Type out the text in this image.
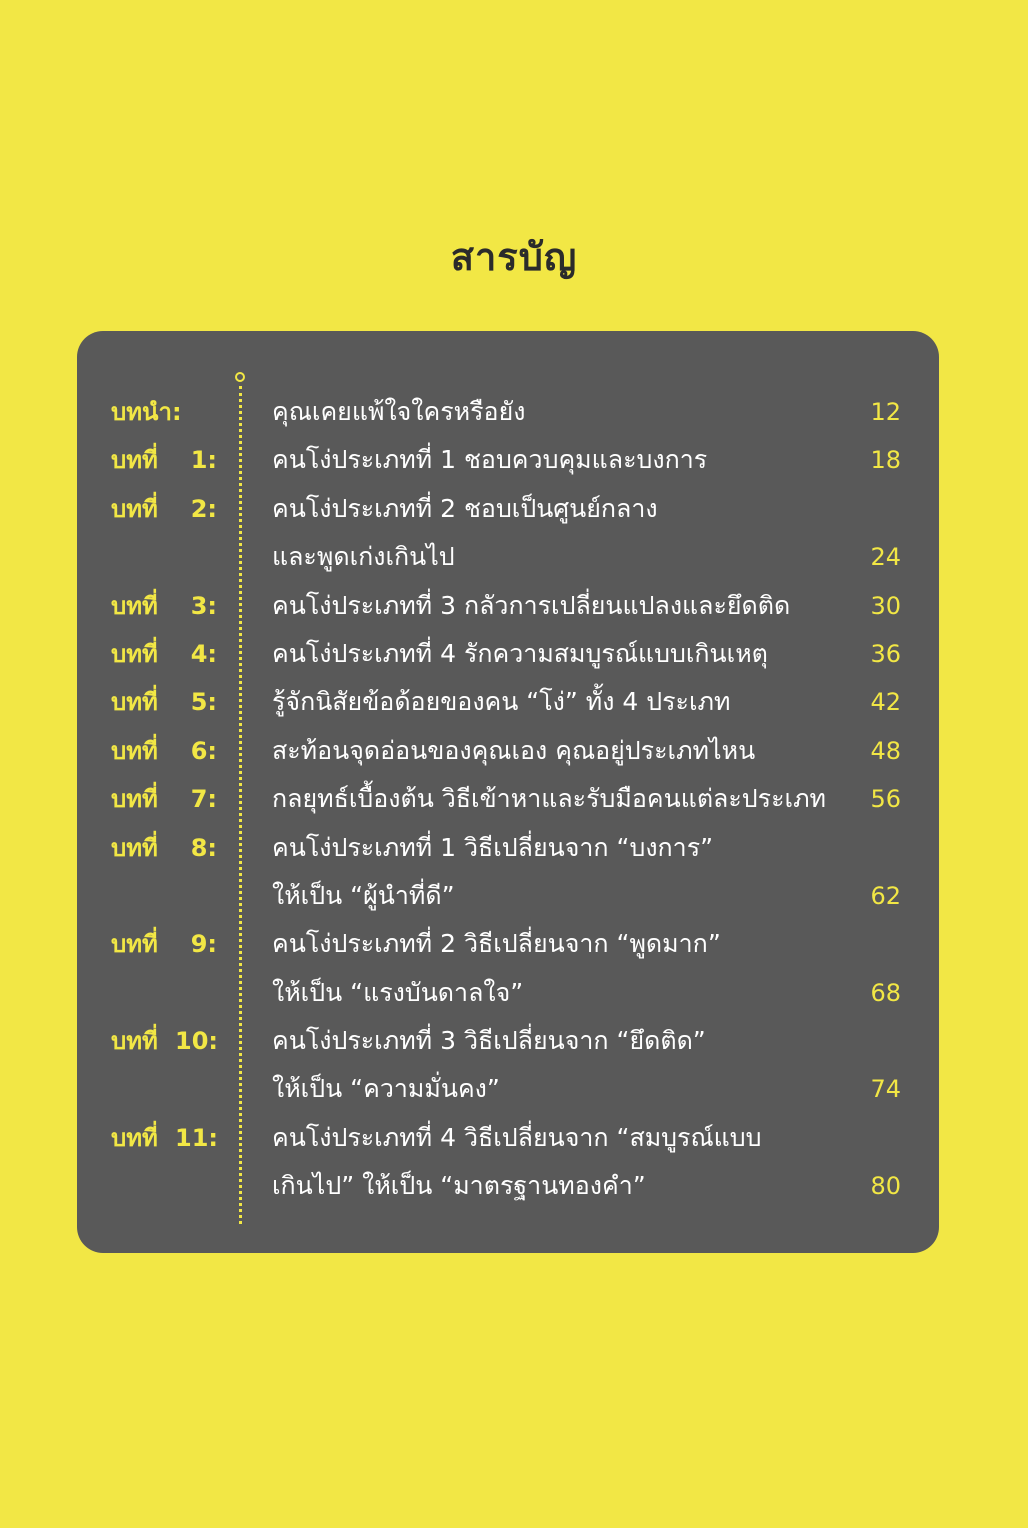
สารบัญ
บทนำ:	คุณเคยแพ้ใจใครหรือยัง	12
บทที่	1: คนโง่ประเภทที่ 1 ชอบควบคุมและบงการ	18
บทที่	2: คนโง่ประเภทที่ 2 ชอบเป็นศูนย์กลาง
และพูดเก่งเกินไป	24
บทที่	3: คนโง่ประเภทที่ 3 กลัวการเปลี่ยนแปลงและยึดติด	30
บทที่	4: คนโง่ประเภทที่ 4 รักความสมบูรณ์แบบเกินเหตุ	36
บทที่	5: รู้จักนิสัยข้อด้อยของคน “โง่” ทั้ง 4 ประเภท	42
บทที่	6: สะท้อนจุดอ่อนของคุณเอง คุณอยู่ประเภทไหน	48
บทที่	7: กลยุทธ์เบื้องต้น วิธีเข้าหาและรับมือคนแต่ละประเภท 56
บทที่	8: คนโง่ประเภทที่ 1 วิธีเปลี่ยนจาก “บงการ”
ให้เป็น “ผู้นำที่ดี”	62
บทที่	9: คนโง่ประเภทที่ 2 วิธีเปลี่ยนจาก “พูดมาก”
ให้เป็น “แรงบันดาลใจ”	68
บทที่ 10: คนโง่ประเภทที่ 3 วิธีเปลี่ยนจาก “ยึดติด”
ให้เป็น “ความมั่นคง”	74
บทที่ 11: คนโง่ประเภทที่ 4 วิธีเปลี่ยนจาก “สมบูรณ์แบบ
เกินไป” ให้เป็น “มาตรฐานทองคำ”	80
